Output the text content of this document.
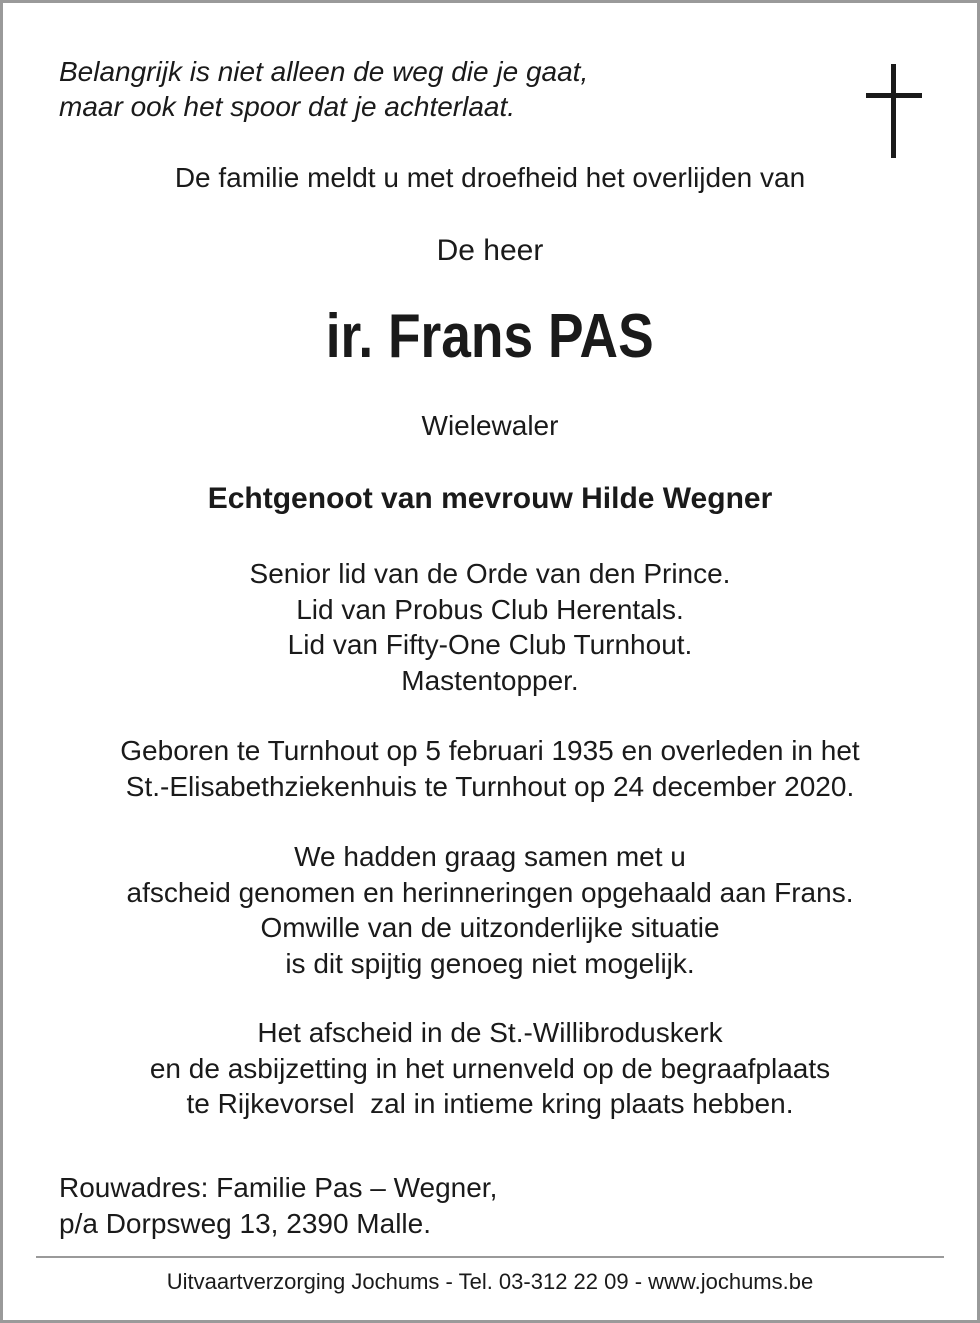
Belangrijk is niet alleen de weg die je gaat,
maar ook het spoor dat je achterlaat.
De familie meldt u met droefheid het overlijden van
De heer
ir. Frans PAS
Wielewaler
Echtgenoot van mevrouw Hilde Wegner
Senior lid van de Orde van den Prince.
Lid van Probus Club Herentals.
Lid van Fifty-One Club Turnhout.
Mastentopper.
Geboren te Turnhout op 5 februari 1935 en overleden in het
St.-Elisabethziekenhuis te Turnhout op 24 december 2020.
We hadden graag samen met u
afscheid genomen en herinneringen opgehaald aan Frans.
Omwille van de uitzonderlijke situatie
is dit spijtig genoeg niet mogelijk.
Het afscheid in de St.-Willibroduskerk
en de asbijzetting in het urnenveld op de begraafplaats
te Rijkevorsel  zal in intieme kring plaats hebben.
Rouwadres: Familie Pas – Wegner,
p/a Dorpsweg 13, 2390 Malle.
Uitvaartverzorging Jochums - Tel. 03-312 22 09 - www.jochums.be
